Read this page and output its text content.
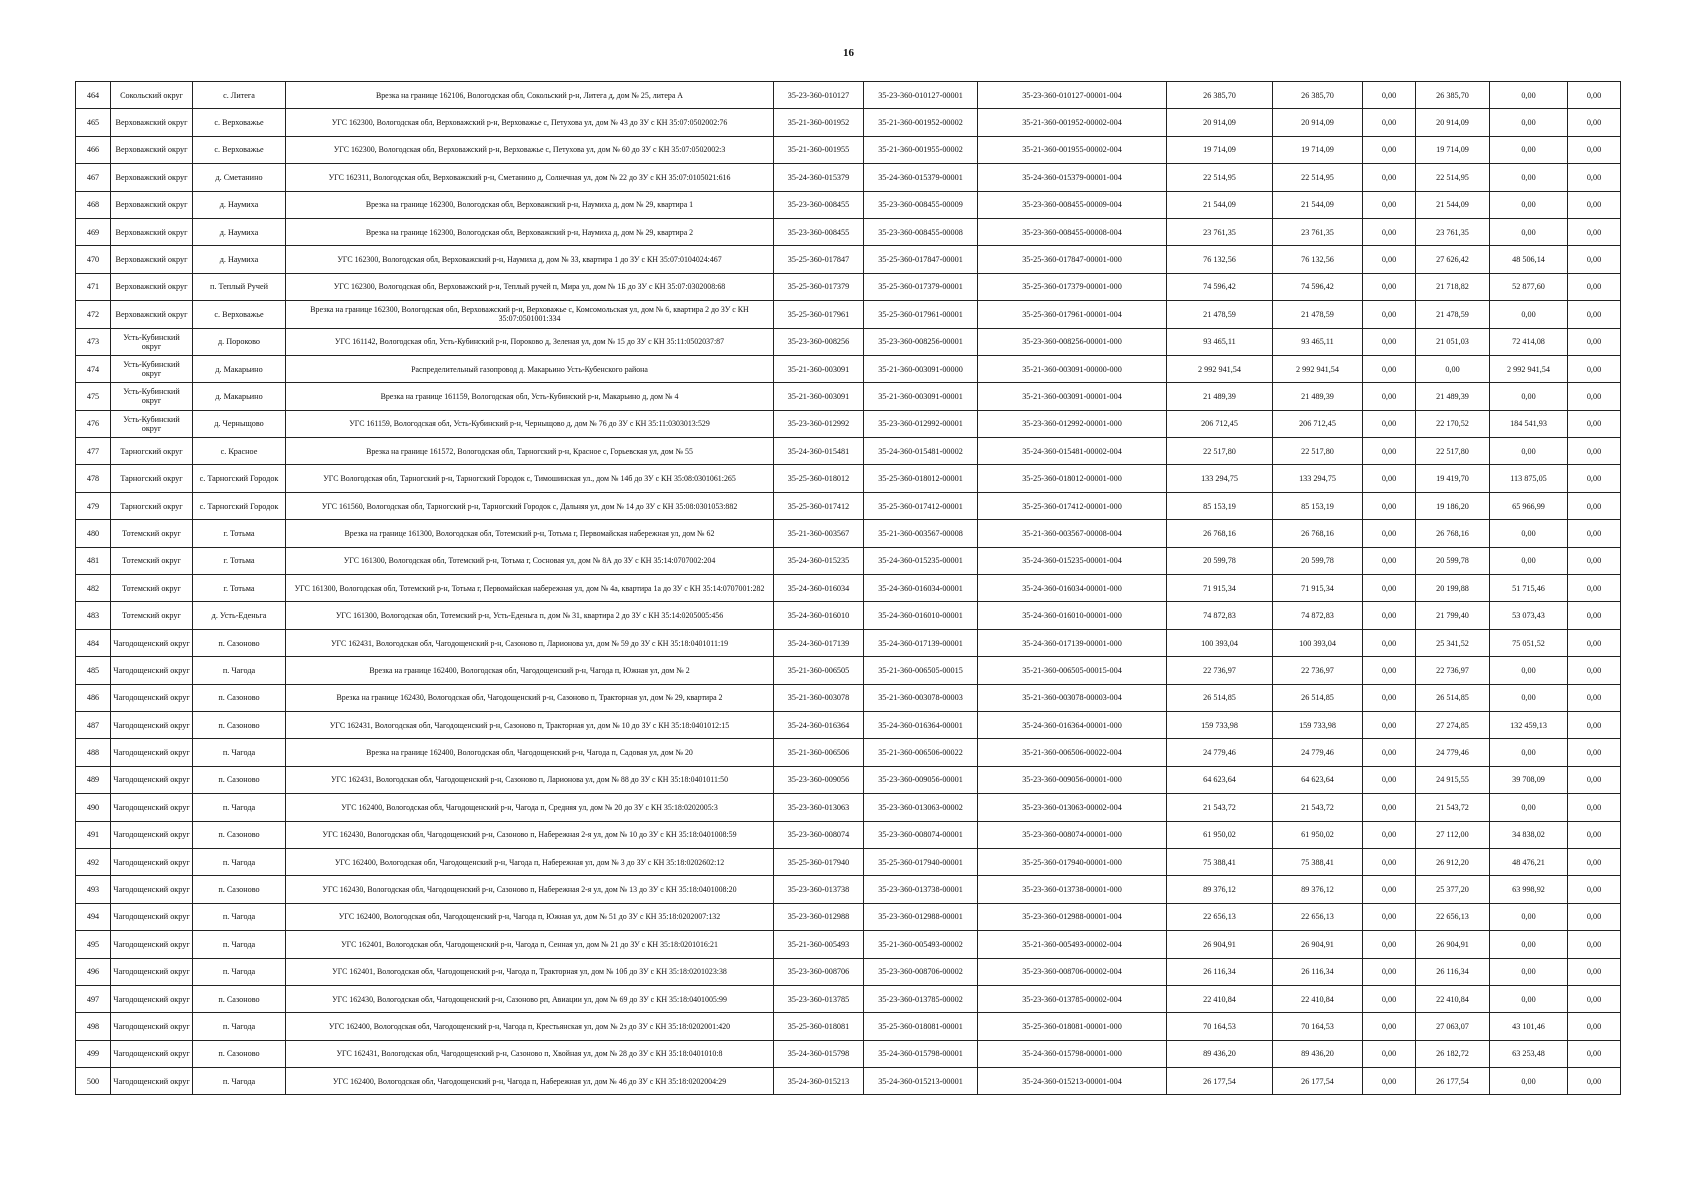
16
464	Сокольский округ	с. Литега	Врезка на границе 162106, Вологодская обл, Сокольский р-н, Литега д, дом № 25, литера А	35-23-360-010127	35-23-360-010127-00001	35-23-360-010127-00001-004	26 385,70	26 385,70	0,00	26 385,70	0,00	0,00
465	Верховажский округ	с. Верховажье	УГС 162300, Вологодская обл, Верховажский р-н, Верховажье с, Петухова ул, дом № 43 до ЗУ с КН 35:07:0502002:76	35-21-360-001952	35-21-360-001952-00002	35-21-360-001952-00002-004	20 914,09	20 914,09	0,00	20 914,09	0,00	0,00
466	Верховажский округ	с. Верховажье	УГС 162300, Вологодская обл, Верховажский р-н, Верховажье с, Петухова ул, дом № 60 до ЗУ с КН 35:07:0502002:3	35-21-360-001955	35-21-360-001955-00002	35-21-360-001955-00002-004	19 714,09	19 714,09	0,00	19 714,09	0,00	0,00
467	Верховажский округ	д. Сметанино	УГС 162311, Вологодская обл, Верховажский р-н, Сметанино д, Солнечная ул, дом № 22 до ЗУ с КН 35:07:0105021:616	35-24-360-015379	35-24-360-015379-00001	35-24-360-015379-00001-004	22 514,95	22 514,95	0,00	22 514,95	0,00	0,00
468	Верховажский округ	д. Наумиха	Врезка на границе 162300, Вологодская обл, Верховажский р-н, Наумиха д, дом № 29, квартира 1	35-23-360-008455	35-23-360-008455-00009	35-23-360-008455-00009-004	21 544,09	21 544,09	0,00	21 544,09	0,00	0,00
469	Верховажский округ	д. Наумиха	Врезка на границе 162300, Вологодская обл, Верховажский р-н, Наумиха д, дом № 29, квартира 2	35-23-360-008455	35-23-360-008455-00008	35-23-360-008455-00008-004	23 761,35	23 761,35	0,00	23 761,35	0,00	0,00
470	Верховажский округ	д. Наумиха	УГС 162300, Вологодская обл, Верховажский р-н, Наумиха д, дом № 33, квартира 1 до ЗУ с КН 35:07:0104024:467	35-25-360-017847	35-25-360-017847-00001	35-25-360-017847-00001-000	76 132,56	76 132,56	0,00	27 626,42	48 506,14	0,00
471	Верховажский округ	п. Теплый Ручей	УГС 162300, Вологодская обл, Верховажский р-н, Теплый ручей п, Мира ул, дом № 1Б до ЗУ с КН 35:07:0302008:68	35-25-360-017379	35-25-360-017379-00001	35-25-360-017379-00001-000	74 596,42	74 596,42	0,00	21 718,82	52 877,60	0,00
472	Верховажский округ	с. Верховажье	Врезка на границе 162300, Вологодская обл, Верховажский р-н, Верховажье с, Комсомольская ул, дом № 6, квартира 2 до ЗУ с КН 35:07:0501001:334	35-25-360-017961	35-25-360-017961-00001	35-25-360-017961-00001-004	21 478,59	21 478,59	0,00	21 478,59	0,00	0,00
473	Усть-Кубинский округ	д. Пороково	УГС 161142, Вологодская обл, Усть-Кубинский р-н, Пороково д, Зеленая ул, дом № 15 до ЗУ с КН 35:11:0502037:87	35-23-360-008256	35-23-360-008256-00001	35-23-360-008256-00001-000	93 465,11	93 465,11	0,00	21 051,03	72 414,08	0,00
474	Усть-Кубинский округ	д. Макарьино	Распределительный газопровод д. Макарьино Усть-Кубенского района	35-21-360-003091	35-21-360-003091-00000	35-21-360-003091-00000-000	2 992 941,54	2 992 941,54	0,00	0,00	2 992 941,54	0,00
475	Усть-Кубинский округ	д. Макарьино	Врезка на границе 161159, Вологодская обл, Усть-Кубинский р-н, Макарьино д, дом № 4	35-21-360-003091	35-21-360-003091-00001	35-21-360-003091-00001-004	21 489,39	21 489,39	0,00	21 489,39	0,00	0,00
476	Усть-Кубинский округ	д. Черныщово	УГС 161159, Вологодская обл, Усть-Кубинский р-н, Черныщово д, дом № 76 до ЗУ с КН 35:11:0303013:529	35-23-360-012992	35-23-360-012992-00001	35-23-360-012992-00001-000	206 712,45	206 712,45	0,00	22 170,52	184 541,93	0,00
477	Тарногский округ	с. Красное	Врезка на границе 161572, Вологодская обл, Тарногский р-н, Красное с, Горьевская ул, дом № 55	35-24-360-015481	35-24-360-015481-00002	35-24-360-015481-00002-004	22 517,80	22 517,80	0,00	22 517,80	0,00	0,00
478	Тарногский округ	с. Тарногский Городок	УГС Вологодская обл, Тарногский р-н, Тарногский Городок с, Тимошинская ул., дом № 14б до ЗУ с КН 35:08:0301061:265	35-25-360-018012	35-25-360-018012-00001	35-25-360-018012-00001-000	133 294,75	133 294,75	0,00	19 419,70	113 875,05	0,00
479	Тарногский округ	с. Тарногский Городок	УГС 161560, Вологодская обл, Тарногский р-н, Тарногский Городок с, Дальняя ул, дом № 14 до ЗУ с КН 35:08:0301053:882	35-25-360-017412	35-25-360-017412-00001	35-25-360-017412-00001-000	85 153,19	85 153,19	0,00	19 186,20	65 966,99	0,00
480	Тотемский округ	г. Тотьма	Врезка на границе 161300, Вологодская обл, Тотемский р-н, Тотьма г, Первомайская набережная ул, дом № 62	35-21-360-003567	35-21-360-003567-00008	35-21-360-003567-00008-004	26 768,16	26 768,16	0,00	26 768,16	0,00	0,00
481	Тотемский округ	г. Тотьма	УГС 161300, Вологодская обл, Тотемский р-н, Тотьма г, Сосновая ул, дом № 8А до ЗУ с КН 35:14:0707002:204	35-24-360-015235	35-24-360-015235-00001	35-24-360-015235-00001-004	20 599,78	20 599,78	0,00	20 599,78	0,00	0,00
482	Тотемский округ	г. Тотьма	УГС 161300, Вологодская обл, Тотемский р-н, Тотьма г, Первомайская набережная ул, дом № 4а, квартира 1а до ЗУ с КН 35:14:0707001:282	35-24-360-016034	35-24-360-016034-00001	35-24-360-016034-00001-000	71 915,34	71 915,34	0,00	20 199,88	51 715,46	0,00
483	Тотемский округ	д. Усть-Еденьга	УГС 161300, Вологодская обл, Тотемский р-н, Усть-Еденьга п, дом № 31, квартира 2 до ЗУ с КН 35:14:0205005:456	35-24-360-016010	35-24-360-016010-00001	35-24-360-016010-00001-000	74 872,83	74 872,83	0,00	21 799,40	53 073,43	0,00
484	Чагодощенский округ	п. Сазоново	УГС 162431, Вологодская обл, Чагодощенский р-н, Сазоново п, Ларионова ул, дом № 59 до ЗУ с КН 35:18:0401011:19	35-24-360-017139	35-24-360-017139-00001	35-24-360-017139-00001-000	100 393,04	100 393,04	0,00	25 341,52	75 051,52	0,00
485	Чагодощенский округ	п. Чагода	Врезка на границе 162400, Вологодская обл, Чагодощенский р-н, Чагода п, Южная ул, дом № 2	35-21-360-006505	35-21-360-006505-00015	35-21-360-006505-00015-004	22 736,97	22 736,97	0,00	22 736,97	0,00	0,00
486	Чагодощенский округ	п. Сазоново	Врезка на границе 162430, Вологодская обл, Чагодощенский р-н, Сазоново п, Тракторная ул, дом № 29, квартира 2	35-21-360-003078	35-21-360-003078-00003	35-21-360-003078-00003-004	26 514,85	26 514,85	0,00	26 514,85	0,00	0,00
487	Чагодощенский округ	п. Сазоново	УГС 162431, Вологодская обл, Чагодощенский р-н, Сазоново п, Тракторная ул, дом № 10 до ЗУ с КН 35:18:0401012:15	35-24-360-016364	35-24-360-016364-00001	35-24-360-016364-00001-000	159 733,98	159 733,98	0,00	27 274,85	132 459,13	0,00
488	Чагодощенский округ	п. Чагода	Врезка на границе 162400, Вологодская обл, Чагодощенский р-н, Чагода п, Садовая ул, дом № 20	35-21-360-006506	35-21-360-006506-00022	35-21-360-006506-00022-004	24 779,46	24 779,46	0,00	24 779,46	0,00	0,00
489	Чагодощенский округ	п. Сазоново	УГС 162431, Вологодская обл, Чагодощенский р-н, Сазоново п, Ларионова ул, дом № 88 до ЗУ с КН 35:18:0401011:50	35-23-360-009056	35-23-360-009056-00001	35-23-360-009056-00001-000	64 623,64	64 623,64	0,00	24 915,55	39 708,09	0,00
490	Чагодощенский округ	п. Чагода	УГС 162400, Вологодская обл, Чагодощенский р-н, Чагода п, Средняя ул, дом № 20 до ЗУ с КН 35:18:0202005:3	35-23-360-013063	35-23-360-013063-00002	35-23-360-013063-00002-004	21 543,72	21 543,72	0,00	21 543,72	0,00	0,00
491	Чагодощенский округ	п. Сазоново	УГС 162430, Вологодская обл, Чагодощенский р-н, Сазоново п, Набережная 2-я ул, дом № 10 до ЗУ с КН 35:18:0401008:59	35-23-360-008074	35-23-360-008074-00001	35-23-360-008074-00001-000	61 950,02	61 950,02	0,00	27 112,00	34 838,02	0,00
492	Чагодощенский округ	п. Чагода	УГС 162400, Вологодская обл, Чагодощенский р-н, Чагода п, Набережная ул, дом № 3 до ЗУ с КН 35:18:0202602:12	35-25-360-017940	35-25-360-017940-00001	35-25-360-017940-00001-000	75 388,41	75 388,41	0,00	26 912,20	48 476,21	0,00
493	Чагодощенский округ	п. Сазоново	УГС 162430, Вологодская обл, Чагодощенский р-н, Сазоново п, Набережная 2-я ул, дом № 13 до ЗУ с КН 35:18:0401008:20	35-23-360-013738	35-23-360-013738-00001	35-23-360-013738-00001-000	89 376,12	89 376,12	0,00	25 377,20	63 998,92	0,00
494	Чагодощенский округ	п. Чагода	УГС 162400, Вологодская обл, Чагодощенский р-н, Чагода п, Южная ул, дом № 51 до ЗУ с КН 35:18:0202007:132	35-23-360-012988	35-23-360-012988-00001	35-23-360-012988-00001-004	22 656,13	22 656,13	0,00	22 656,13	0,00	0,00
495	Чагодощенский округ	п. Чагода	УГС 162401, Вологодская обл, Чагодощенский р-н, Чагода п, Сенная ул, дом № 21 до ЗУ с КН 35:18:0201016:21	35-21-360-005493	35-21-360-005493-00002	35-21-360-005493-00002-004	26 904,91	26 904,91	0,00	26 904,91	0,00	0,00
496	Чагодощенский округ	п. Чагода	УГС 162401, Вологодская обл, Чагодощенский р-н, Чагода п, Тракторная ул, дом № 10б до ЗУ с КН 35:18:0201023:38	35-23-360-008706	35-23-360-008706-00002	35-23-360-008706-00002-004	26 116,34	26 116,34	0,00	26 116,34	0,00	0,00
497	Чагодощенский округ	п. Сазоново	УГС 162430, Вологодская обл, Чагодощенский р-н, Сазоново рп, Авиации ул, дом № 69 до ЗУ с КН 35:18:0401005:99	35-23-360-013785	35-23-360-013785-00002	35-23-360-013785-00002-004	22 410,84	22 410,84	0,00	22 410,84	0,00	0,00
498	Чагодощенский округ	п. Чагода	УГС 162400, Вологодская обл, Чагодощенский р-н, Чагода п, Крестьянская ул, дом № 2з до ЗУ с КН 35:18:0202001:420	35-25-360-018081	35-25-360-018081-00001	35-25-360-018081-00001-000	70 164,53	70 164,53	0,00	27 063,07	43 101,46	0,00
499	Чагодощенский округ	п. Сазоново	УГС 162431, Вологодская обл, Чагодощенский р-н, Сазоново п, Хвойная ул, дом № 28 до ЗУ с КН 35:18:0401010:8	35-24-360-015798	35-24-360-015798-00001	35-24-360-015798-00001-000	89 436,20	89 436,20	0,00	26 182,72	63 253,48	0,00
500	Чагодощенский округ	п. Чагода	УГС 162400, Вологодская обл, Чагодощенский р-н, Чагода п, Набережная ул, дом № 46 до ЗУ с КН 35:18:0202004:29	35-24-360-015213	35-24-360-015213-00001	35-24-360-015213-00001-004	26 177,54	26 177,54	0,00	26 177,54	0,00	0,00
